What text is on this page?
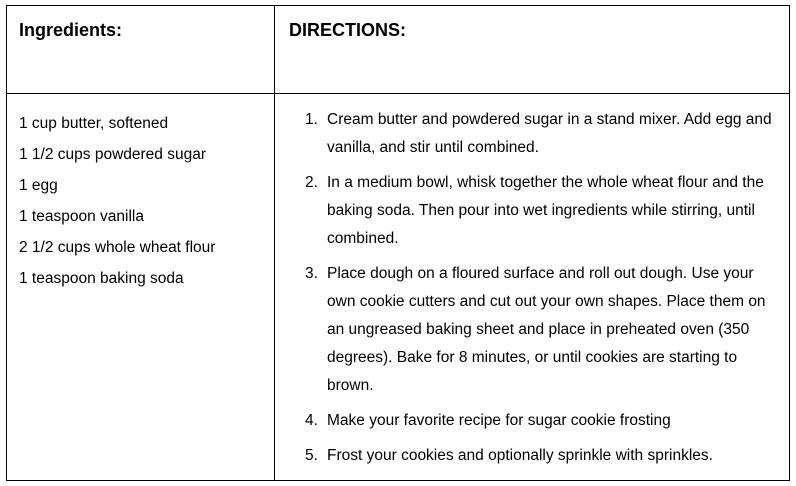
Ingredients:
1 cup butter, softened
1 1/2 cups powdered sugar
1 egg
1 teaspoon vanilla
2 1/2 cups whole wheat flour
1 teaspoon baking soda
DIRECTIONS:
1. Cream butter and powdered sugar in a stand mixer. Add egg and vanilla, and stir until combined.
2. In a medium bowl, whisk together the whole wheat flour and the baking soda. Then pour into wet ingredients while stirring, until combined.
3. Place dough on a floured surface and roll out dough. Use your own cookie cutters and cut out your own shapes. Place them on an ungreased baking sheet and place in preheated oven (350 degrees). Bake for 8 minutes, or until cookies are starting to brown.
4. Make your favorite recipe for sugar cookie frosting
5. Frost your cookies and optionally sprinkle with sprinkles.
